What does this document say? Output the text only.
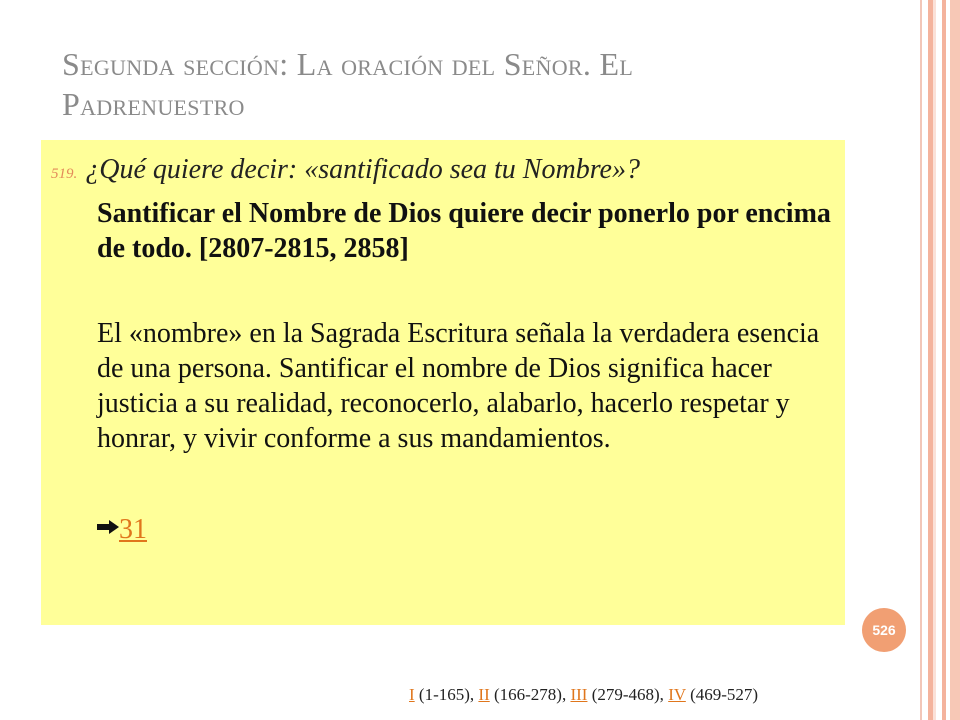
Segunda sección: La oración del Señor. El
Padrenuestro
519. ¿Qué quiere decir: «santificado sea tu Nombre»?
Santificar el Nombre de Dios quiere decir ponerlo por encima de todo. [2807-2815, 2858]
El «nombre» en la Sagrada Escritura señala la verdadera esencia de una persona. Santificar el nombre de Dios significa hacer justicia a su realidad, reconocerlo, alabarlo, hacerlo respetar y honrar, y vivir conforme a sus mandamientos.
31
526
I (1-165), II (166-278), III (279-468), IV (469-527)
